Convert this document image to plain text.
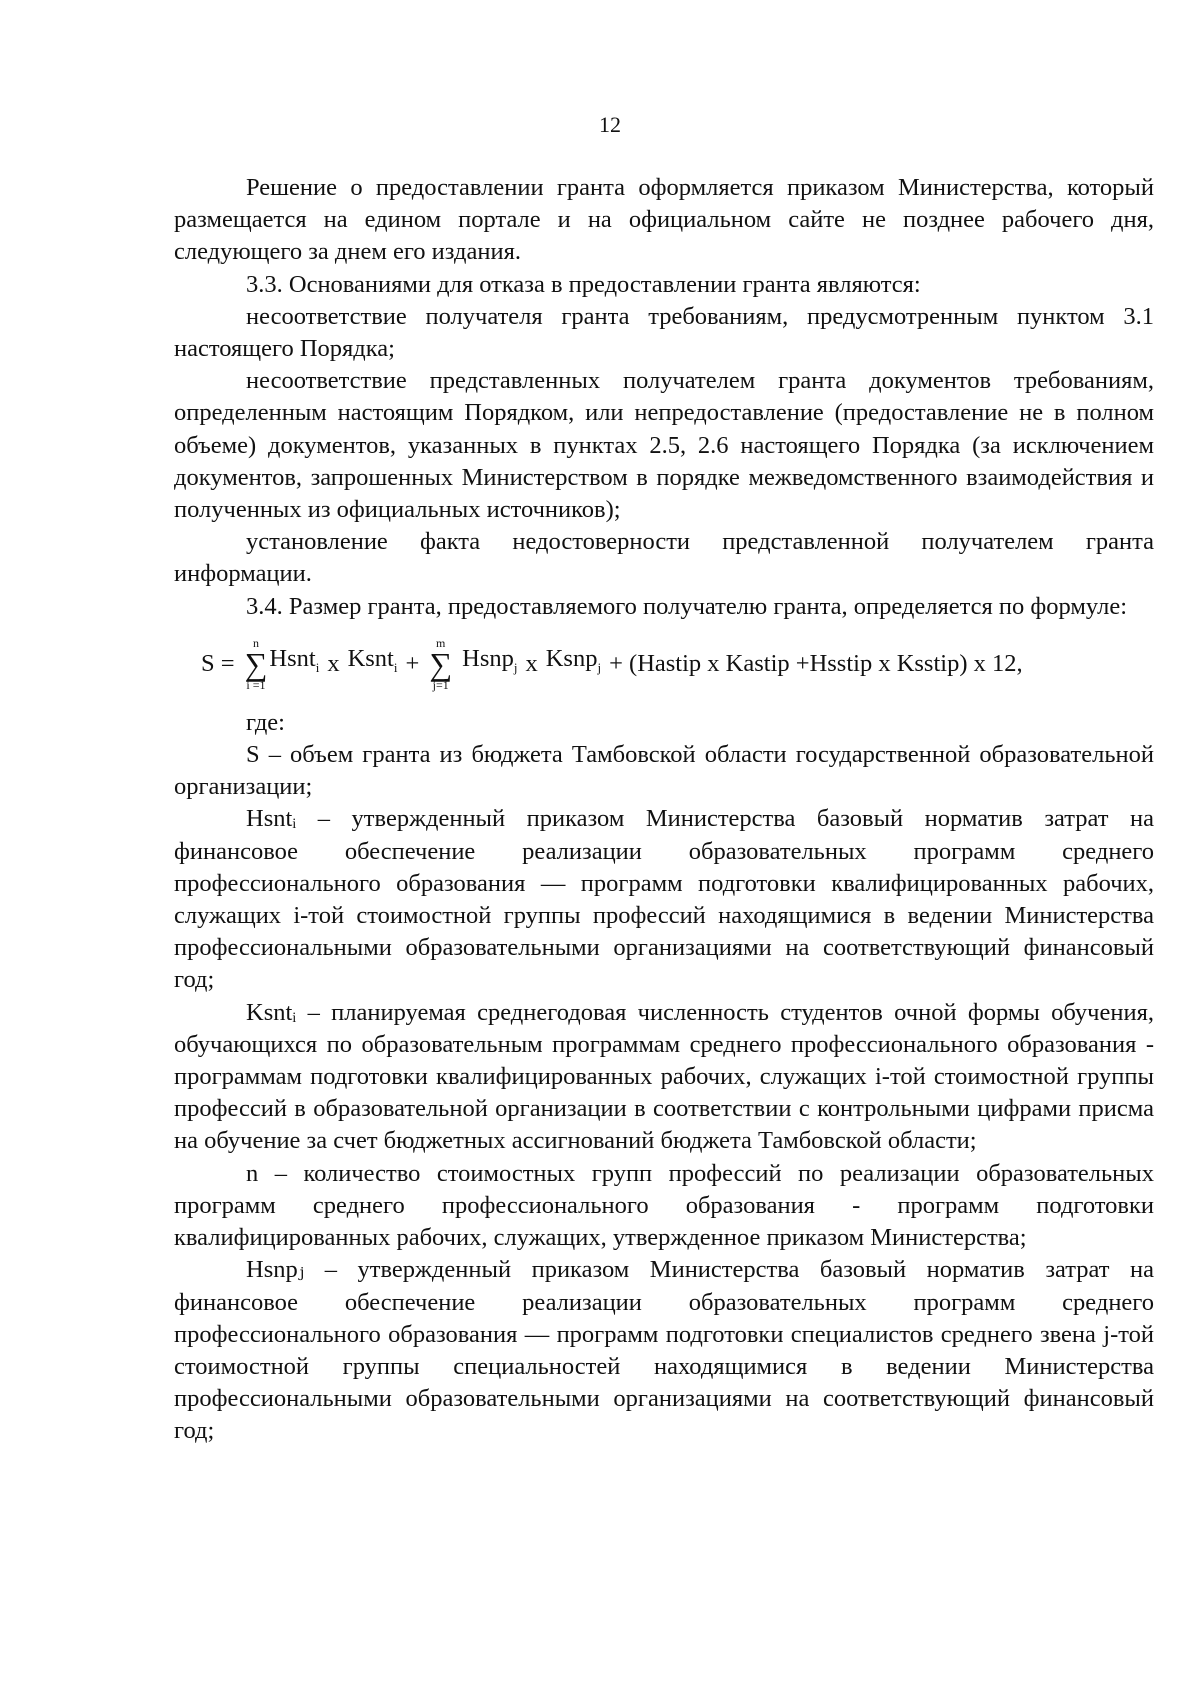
12

Решение о предоставлении гранта оформляется приказом Министерства, который размещается на едином портале и на официальном сайте не позднее рабочего дня, следующего за днем его издания.

3.3. Основаниями для отказа в предоставлении гранта являются:

несоответствие получателя гранта требованиям, предусмотренным пунктом 3.1 настоящего Порядка;

несоответствие представленных получателем гранта документов требованиям, определенным настоящим Порядком, или непредоставление (предоставление не в полном объеме) документов, указанных в пунктах 2.5, 2.6 настоящего Порядка (за исключением документов, запрошенных Министерством в порядке межведомственного взаимодействия и полученных из официальных источников);

установление факта недостоверности представленной получателем гранта информации.

3.4. Размер гранта, предоставляемого получателю гранта, определяется по формуле:

S =
n
∑
i =1
Hsnt$_i$ x Ksnt$_i$ +
m
∑
j=1
Hsnp$_j$ x Ksnp$_j$ + (Hastip x Kastip +Hsstip x Ksstip) x 12,

где:

S – объем гранта из бюджета Тамбовской области государственной образовательной организации;

Hsntᵢ – утвержденный приказом Министерства базовый норматив затрат на финансовое обеспечение реализации образовательных программ среднего профессионального образования — программ подготовки квалифицированных рабочих, служащих i-той стоимостной группы профессий находящимися в ведении Министерства профессиональными образовательными организациями на соответствующий финансовый год;

Ksntᵢ – планируемая среднегодовая численность студентов очной формы обучения, обучающихся по образовательным программам среднего профессионального образования - программам подготовки квалифицированных рабочих, служащих i-той стоимостной группы профессий в образовательной организации в соответствии с контрольными цифрами присма на обучение за счет бюджетных ассигнований бюджета Тамбовской области;

n – количество стоимостных групп профессий по реализации образовательных программ среднего профессионального образования - программ подготовки квалифицированных рабочих, служащих, утвержденное приказом Министерства;

Hsnpⱼ – утвержденный приказом Министерства базовый норматив затрат на финансовое обеспечение реализации образовательных программ среднего профессионального образования — программ подготовки специалистов среднего звена j-той стоимостной группы специальностей находящимися в ведении Министерства профессиональными образовательными организациями на соответствующий финансовый год;
